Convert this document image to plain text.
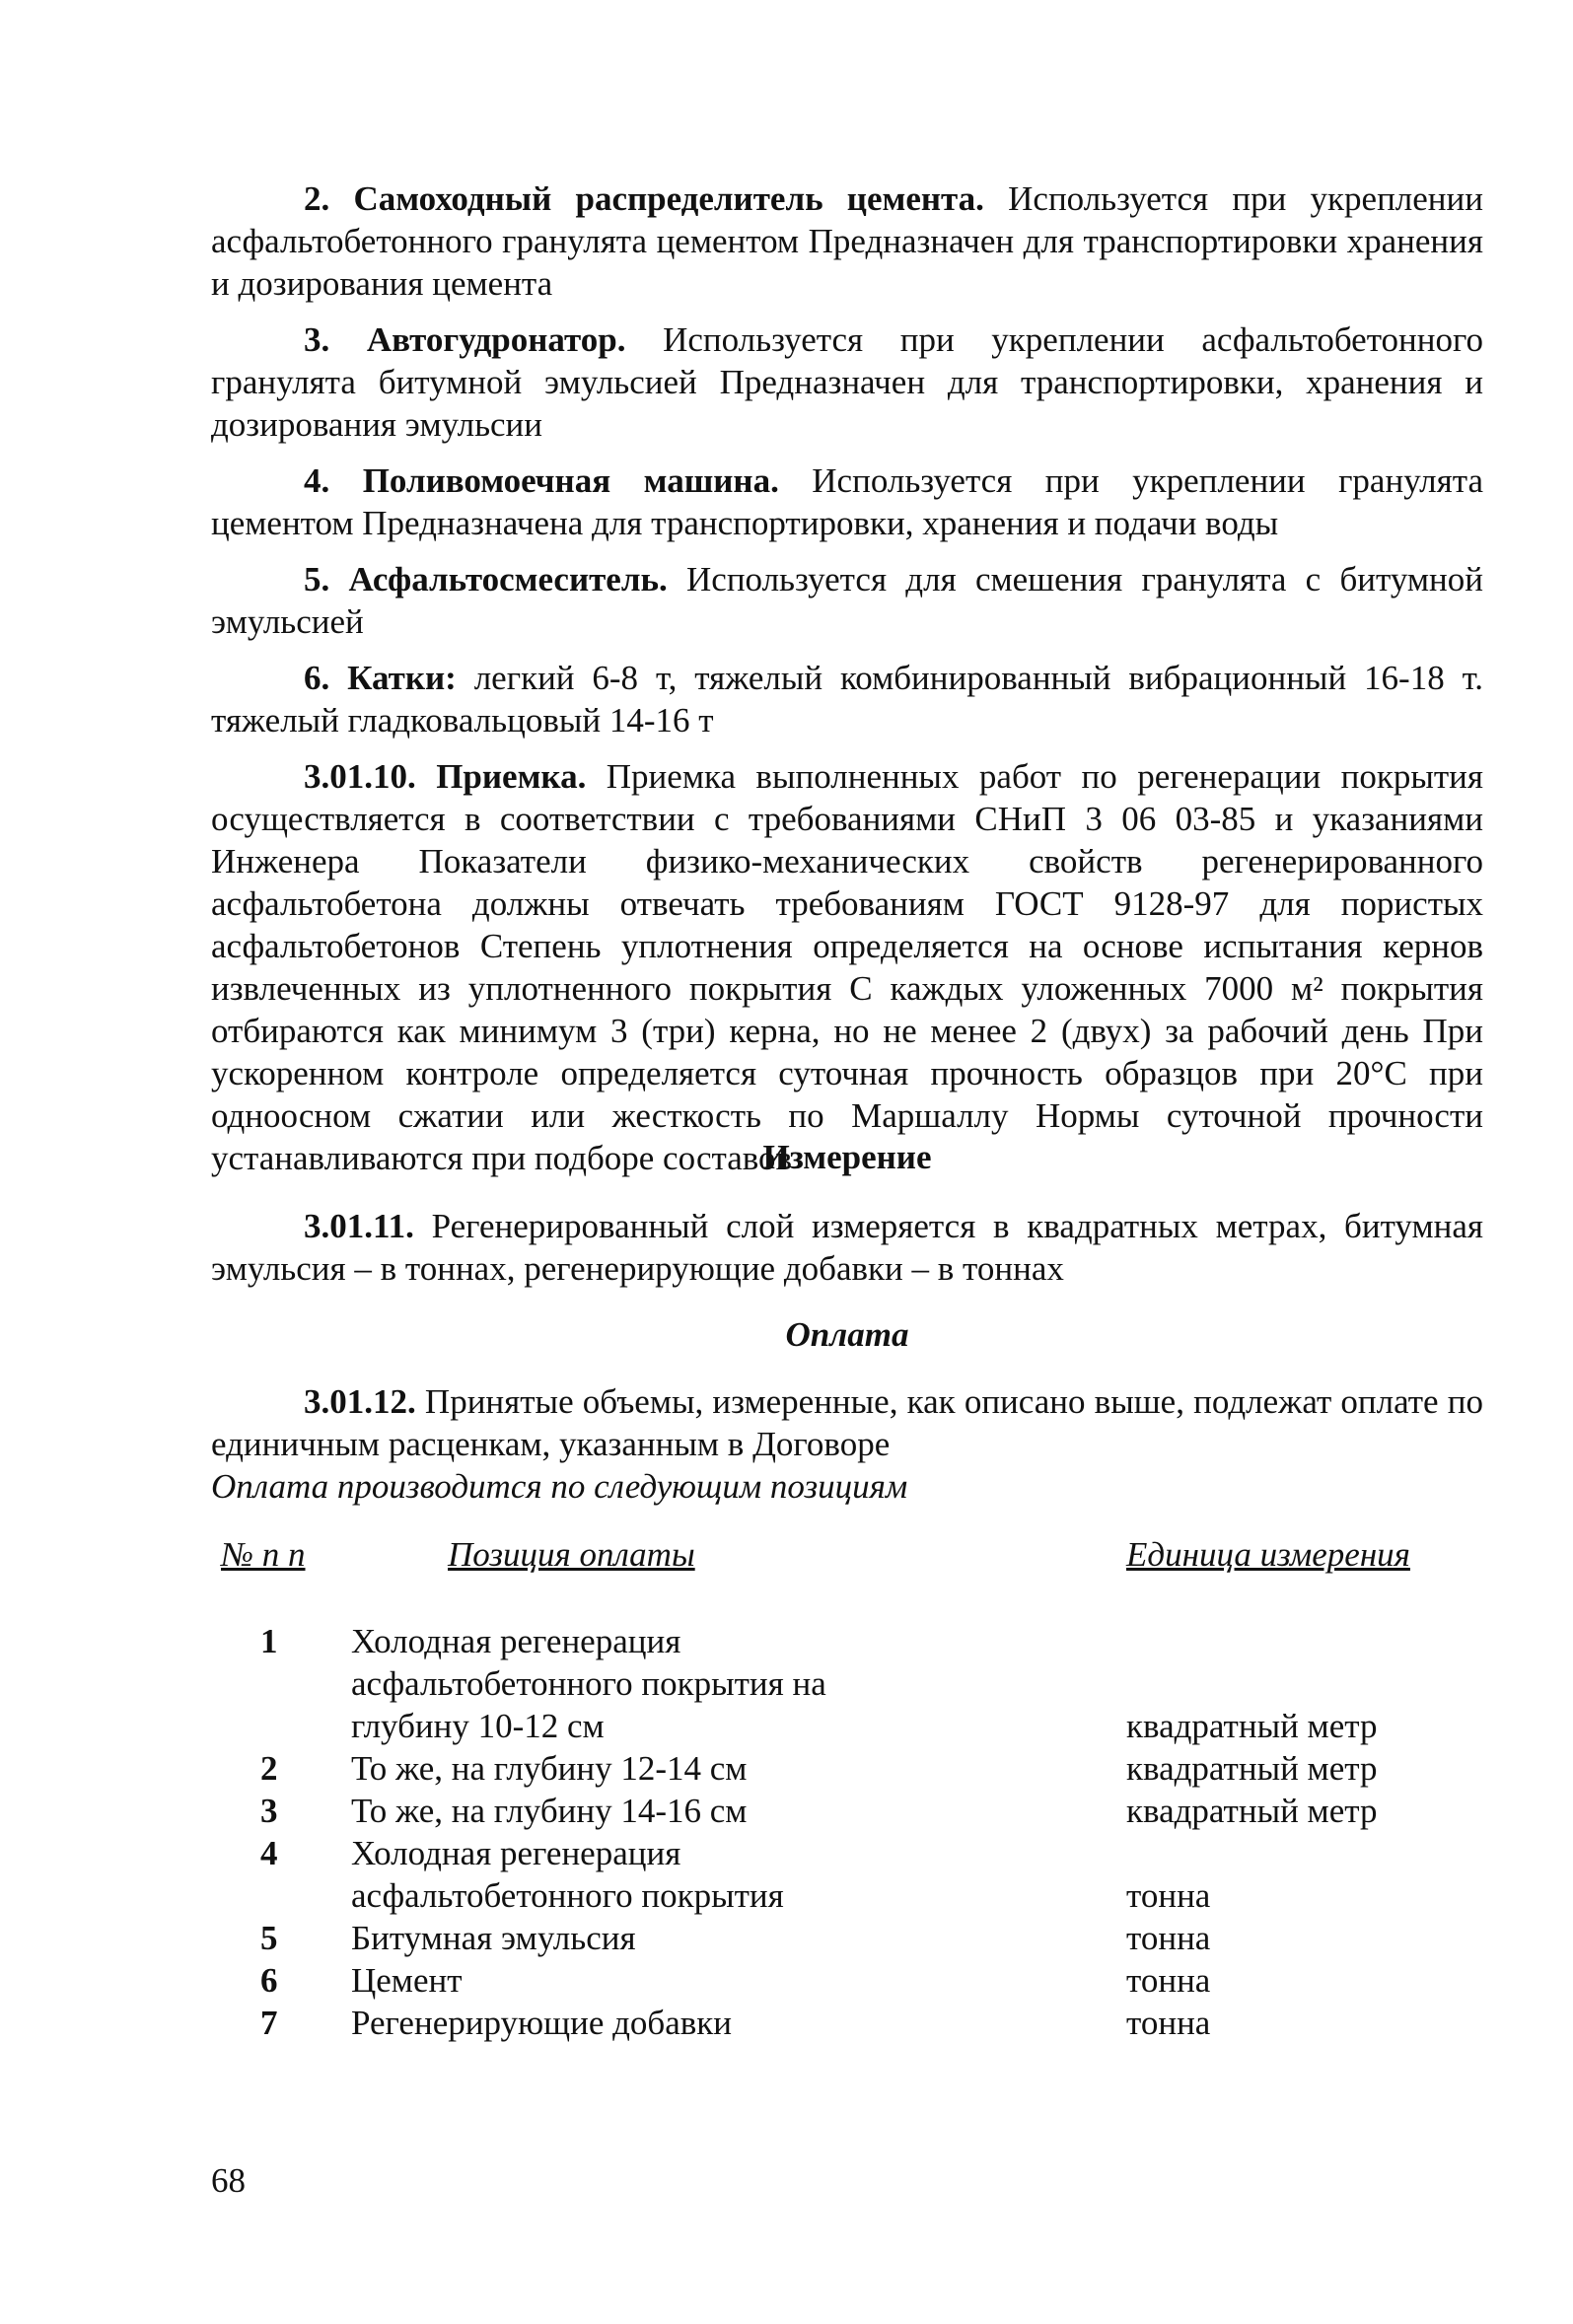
2. Самоходный распределитель цемента. Используется при укреплении асфальтобетонного гранулята цементом Предназначен для транспортировки хранения и дозирования цемента

3. Автогудронатор. Используется при укреплении асфальтобетонного гранулята битумной эмульсией Предназначен для транспортировки, хранения и дозирования эмульсии

4. Поливомоечная машина. Используется при укреплении гранулята цементом Предназначена для транспортировки, хранения и подачи воды

5. Асфальтосмеситель. Используется для смешения гранулята с битумной эмульсией

6. Катки: легкий 6-8 т, тяжелый комбинированный вибрационный 16-18 т. тяжелый гладковальцовый 14-16 т

3.01.10. Приемка. Приемка выполненных работ по регенерации покрытия осуществляется в соответствии с требованиями СНиП 3 06 03-85 и указаниями Инженера Показатели физико-механических свойств регенерированного асфальтобетона должны отвечать требованиям ГОСТ 9128-97 для пористых асфальтобетонов Степень уплотнения определяется на основе испытания кернов извлеченных из уплотненного покрытия С каждых уложенных 7000 м² покрытия отбираются как минимум 3 (три) керна, но не менее 2 (двух) за рабочий день При ускоренном контроле определяется суточная прочность образцов при 20°С при одноосном сжатии или жесткость по Маршаллу Нормы суточной прочности устанавливаются при подборе составов

Измерение

3.01.11. Регенерированный слой измеряется в квадратных метрах, битумная эмульсия – в тоннах, регенерирующие добавки – в тоннах

Оплата

3.01.12. Принятые объемы, измеренные, как описано выше, подлежат оплате по единичным расценкам, указанным в Договоре

Оплата производится по следующим позициям
№ п п	Позиция оплаты	Единица измерения
1	Холодная регенерация асфальтобетонного покрытия на глубину 10-12 см	квадратный метр
2	То же, на глубину 12-14 см	квадратный метр
3	То же, на глубину 14-16 см	квадратный метр
4	Холодная регенерация асфальтобетонного покрытия	тонна
5	Битумная эмульсия	тонна
6	Цемент	тонна
7	Регенерирующие добавки	тонна
68
